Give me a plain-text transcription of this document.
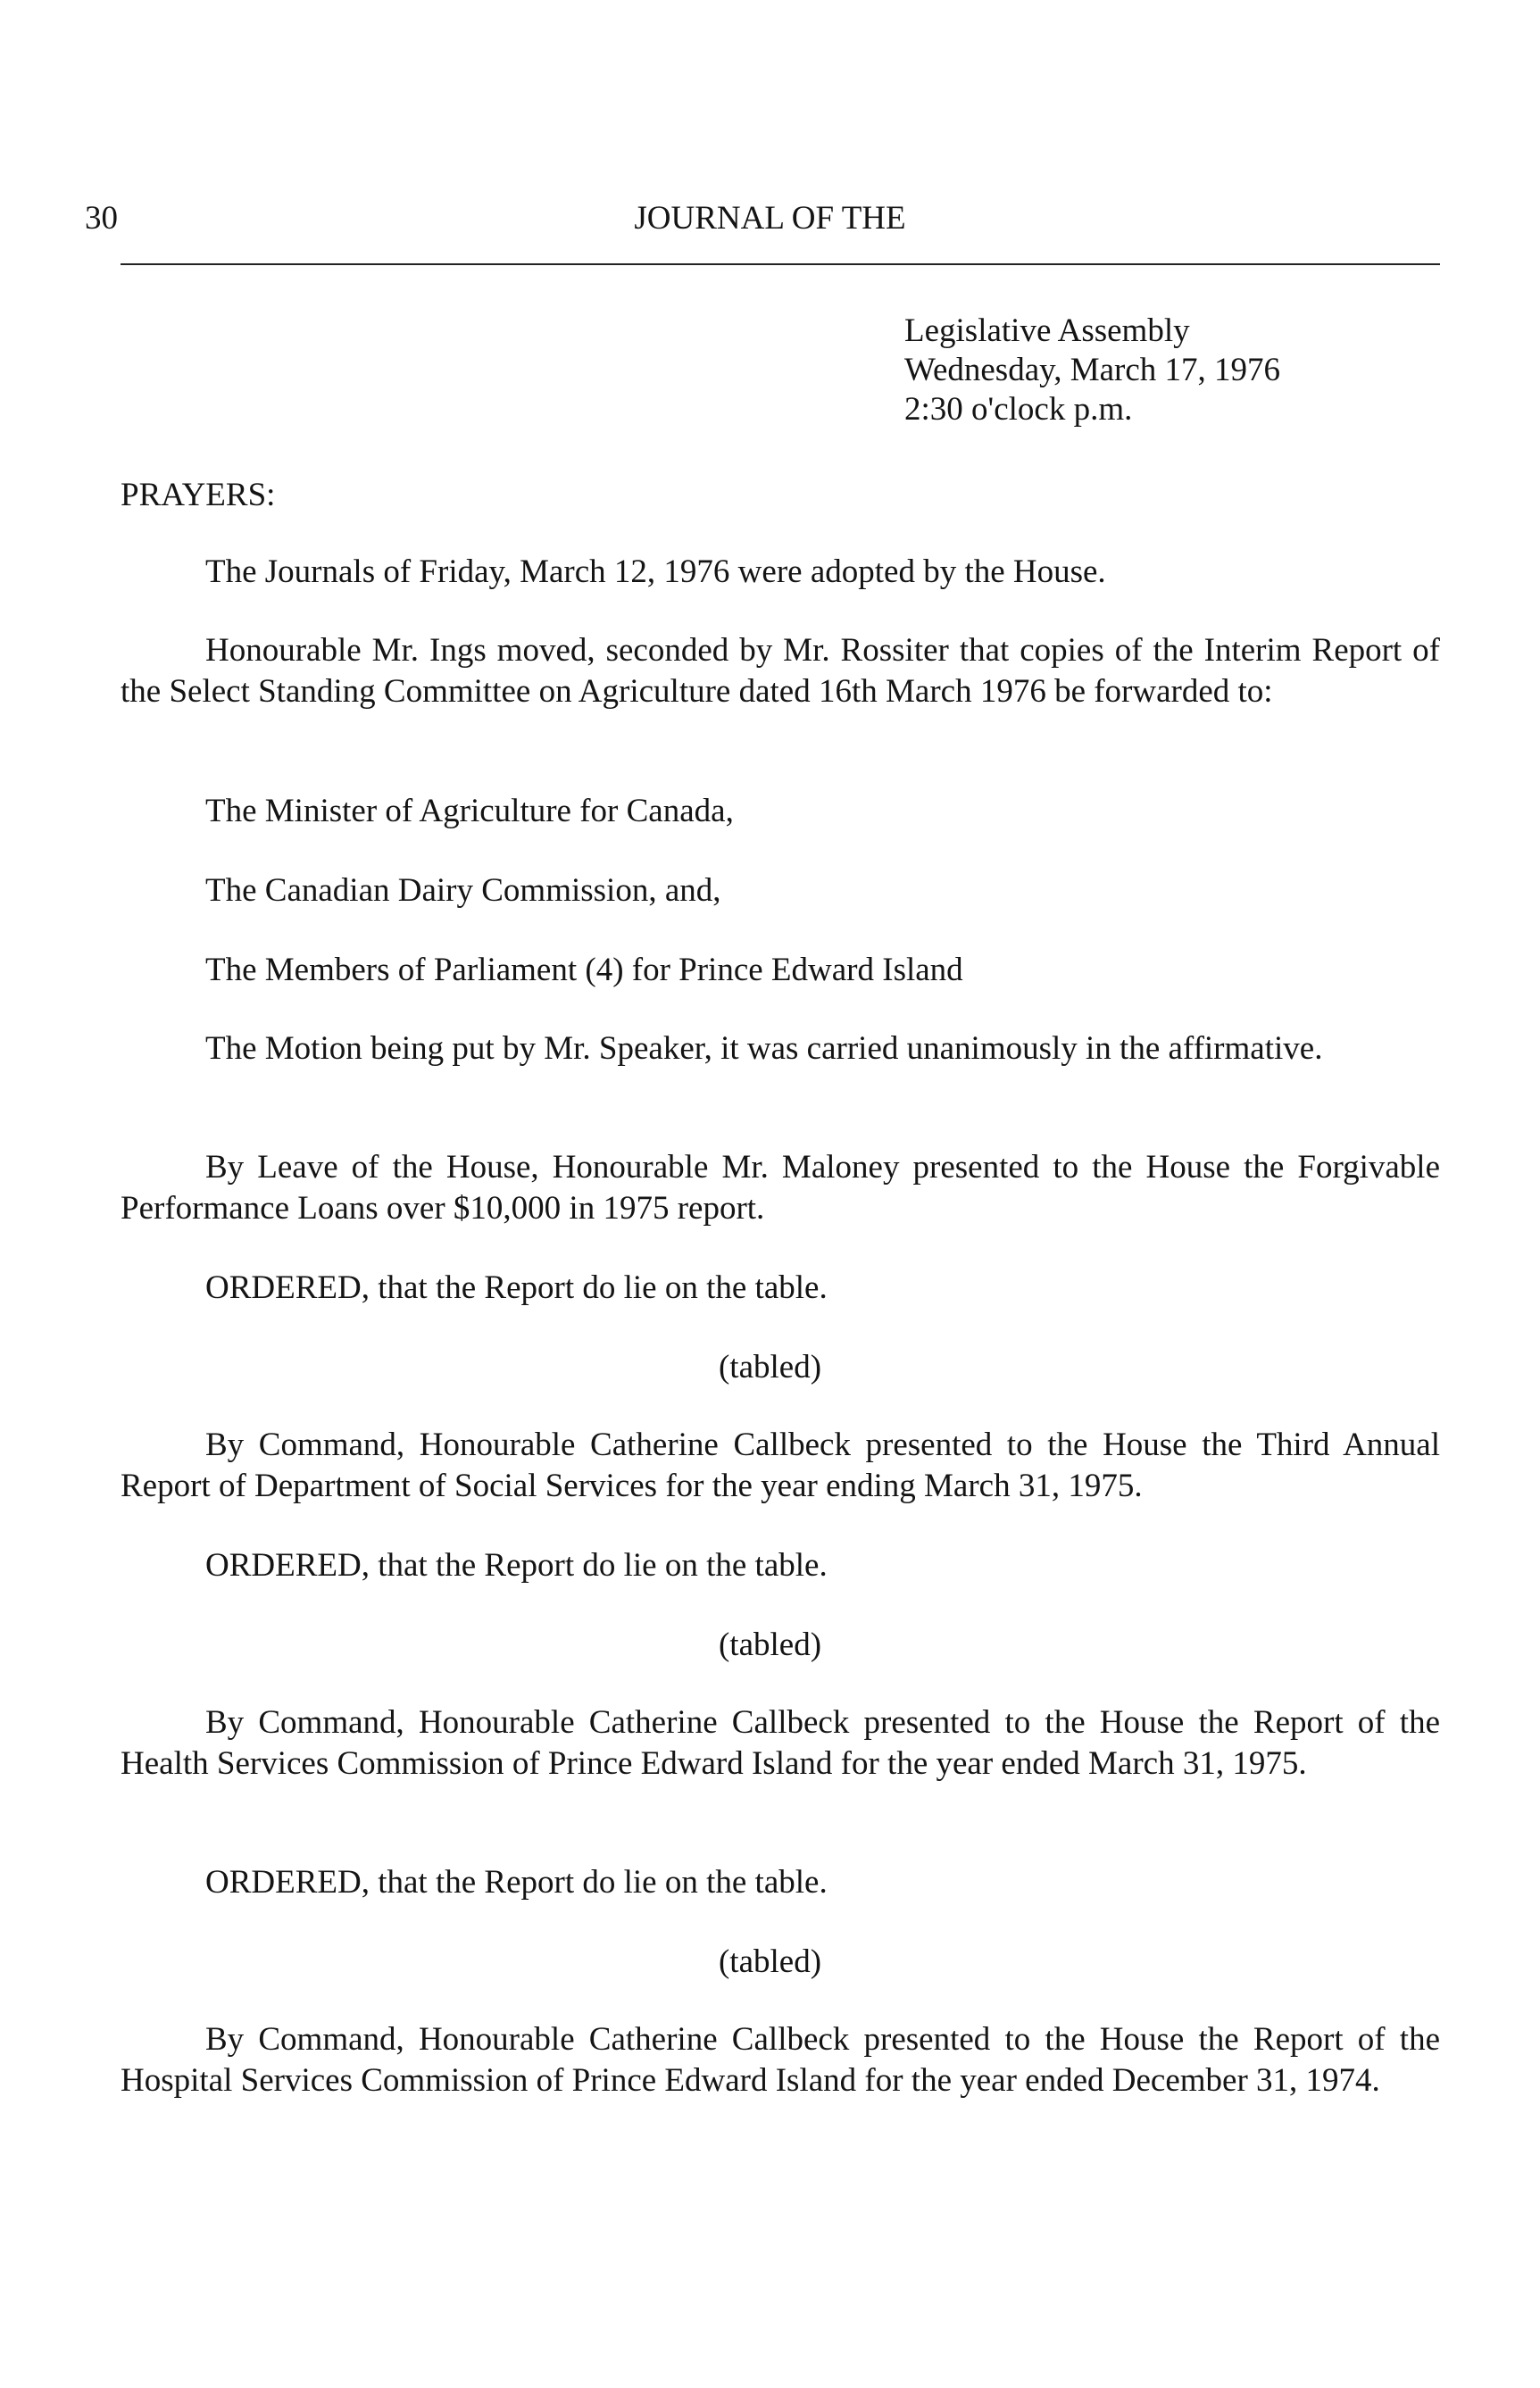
30	JOURNAL OF THE

Legislative Assembly
Wednesday, March 17, 1976
2:30 o'clock p.m.

PRAYERS:

The Journals of Friday, March 12, 1976 were adopted by the House.

Honourable Mr. Ings moved, seconded by Mr. Rossiter that copies of the Interim Report of the Select Standing Committee on Agriculture dated 16th March 1976 be forwarded to:

The Minister of Agriculture for Canada,

The Canadian Dairy Commission, and,

The Members of Parliament (4) for Prince Edward Island

The Motion being put by Mr. Speaker, it was carried unanimously in the affirmative.

By Leave of the House, Honourable Mr. Maloney presented to the House the Forgivable Performance Loans over $10,000 in 1975 report.

ORDERED, that the Report do lie on the table.

(tabled)

By Command, Honourable Catherine Callbeck presented to the House the Third Annual Report of Department of Social Services for the year ending March 31, 1975.

ORDERED, that the Report do lie on the table.

(tabled)

By Command, Honourable Catherine Callbeck presented to the House the Report of the Health Services Commission of Prince Edward Island for the year ended March 31, 1975.

ORDERED, that the Report do lie on the table.

(tabled)

By Command, Honourable Catherine Callbeck presented to the House the Report of the Hospital Services Commission of Prince Edward Island for the year ended December 31, 1974.
